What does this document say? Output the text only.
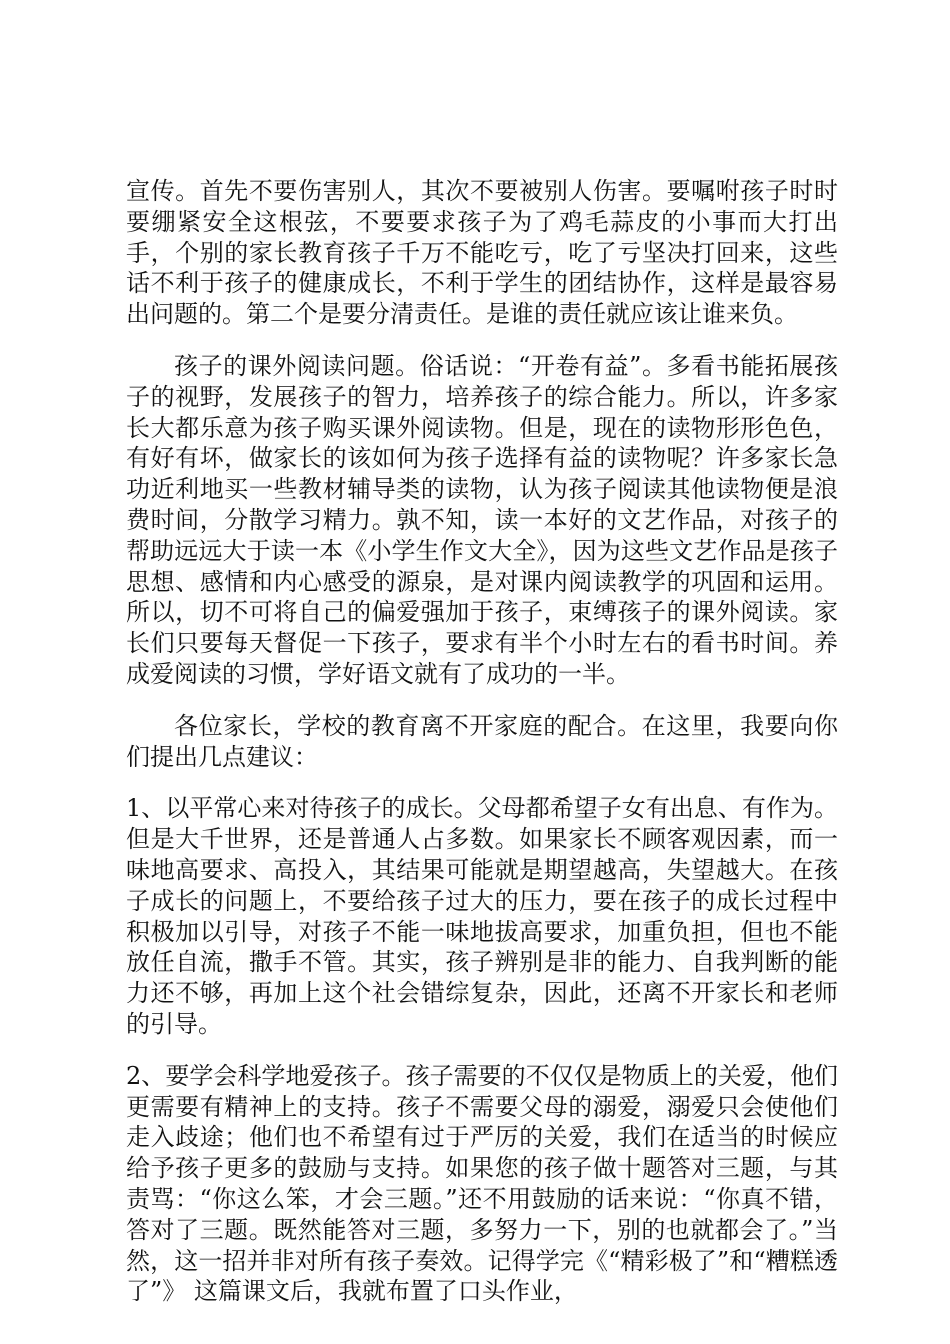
宣传。首先不要伤害别人，其次不要被别人伤害。要嘱咐孩子时时要绷紧安全这根弦，不要要求孩子为了鸡毛蒜皮的小事而大打出手，个别的家长教育孩子千万不能吃亏，吃了亏坚决打回来，这些话不利于孩子的健康成长，不利于学生的团结协作，这样是最容易出问题的。第二个是要分清责任。是谁的责任就应该让谁来负。

孩子的课外阅读问题。俗话说：“开卷有益”。多看书能拓展孩子的视野，发展孩子的智力，培养孩子的综合能力。所以，许多家长大都乐意为孩子购买课外阅读物。但是，现在的读物形形色色，有好有坏，做家长的该如何为孩子选择有益的读物呢？许多家长急功近利地买一些教材辅导类的读物，认为孩子阅读其他读物便是浪费时间，分散学习精力。孰不知，读一本好的文艺作品，对孩子的帮助远远大于读一本《小学生作文大全》，因为这些文艺作品是孩子思想、感情和内心感受的源泉，是对课内阅读教学的巩固和运用。所以，切不可将自己的偏爱强加于孩子，束缚孩子的课外阅读。家长们只要每天督促一下孩子，要求有半个小时左右的看书时间。养成爱阅读的习惯，学好语文就有了成功的一半。

各位家长，学校的教育离不开家庭的配合。在这里，我要向你们提出几点建议：

1、以平常心来对待孩子的成长。父母都希望子女有出息、有作为。但是大千世界，还是普通人占多数。如果家长不顾客观因素，而一味地高要求、高投入，其结果可能就是期望越高，失望越大。在孩子成长的问题上，不要给孩子过大的压力，要在孩子的成长过程中积极加以引导，对孩子不能一味地拔高要求，加重负担，但也不能放任自流，撒手不管。其实，孩子辨别是非的能力、自我判断的能力还不够，再加上这个社会错综复杂，因此，还离不开家长和老师的引导。

2、要学会科学地爱孩子。孩子需要的不仅仅是物质上的关爱，他们更需要有精神上的支持。孩子不需要父母的溺爱，溺爱只会使他们走入歧途；他们也不希望有过于严厉的关爱，我们在适当的时候应给予孩子更多的鼓励与支持。如果您的孩子做十题答对三题，与其责骂：“你这么笨，才会三题。”还不用鼓励的话来说：“你真不错，答对了三题。既然能答对三题，多努力一下，别的也就都会了。”当然，这一招并非对所有孩子奏效。记得学完《“精彩极了”和“糟糕透了”》 这篇课文后，我就布置了口头作业，
